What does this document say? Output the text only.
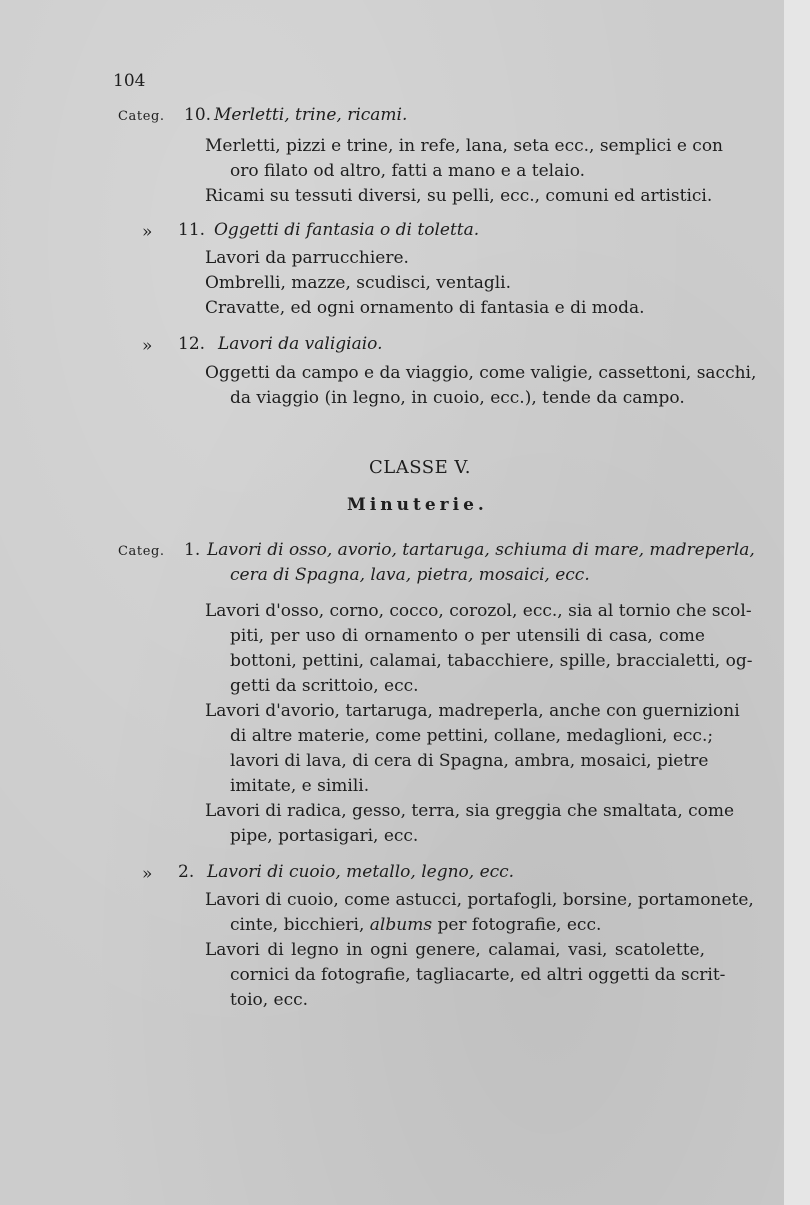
104
Categ. 10. Merletti, trine, ricami.
Merletti, pizzi e trine, in refe, lana, seta ecc., semplici e con
oro filato od altro, fatti a mano e a telaio.
Ricami su tessuti diversi, su pelli, ecc., comuni ed artistici.
» 11. Oggetti di fantasia o di toletta.
Lavori da parrucchiere.
Ombrelli, mazze, scudisci, ventagli.
Cravatte, ed ogni ornamento di fantasia e di moda.
» 12. Lavori da valigiaio.
Oggetti da campo e da viaggio, come valigie, cassettoni, sacchi,
da viaggio (in legno, in cuoio, ecc.), tende da campo.
CLASSE V.
Minuterie.
Categ. 1. Lavori di osso, avorio, tartaruga, schiuma di mare, madreperla,
cera di Spagna, lava, pietra, mosaici, ecc.
Lavori d'osso, corno, cocco, corozol, ecc., sia al tornio che scol-
piti, per uso di ornamento o per utensili di casa, come
bottoni, pettini, calamai, tabacchiere, spille, braccialetti, og-
getti da scrittoio, ecc.
Lavori d'avorio, tartaruga, madreperla, anche con guernizioni
di altre materie, come pettini, collane, medaglioni, ecc.;
lavori di lava, di cera di Spagna, ambra, mosaici, pietre
imitate, e simili.
Lavori di radica, gesso, terra, sia greggia che smaltata, come
pipe, portasigari, ecc.
» 2. Lavori di cuoio, metallo, legno, ecc.
Lavori di cuoio, come astucci, portafogli, borsine, portamonete,
cinte, bicchieri, albums per fotografie, ecc.
Lavori di legno in ogni genere, calamai, vasi, scatolette,
cornici da fotografie, tagliacarte, ed altri oggetti da scrit-
toio, ecc.
